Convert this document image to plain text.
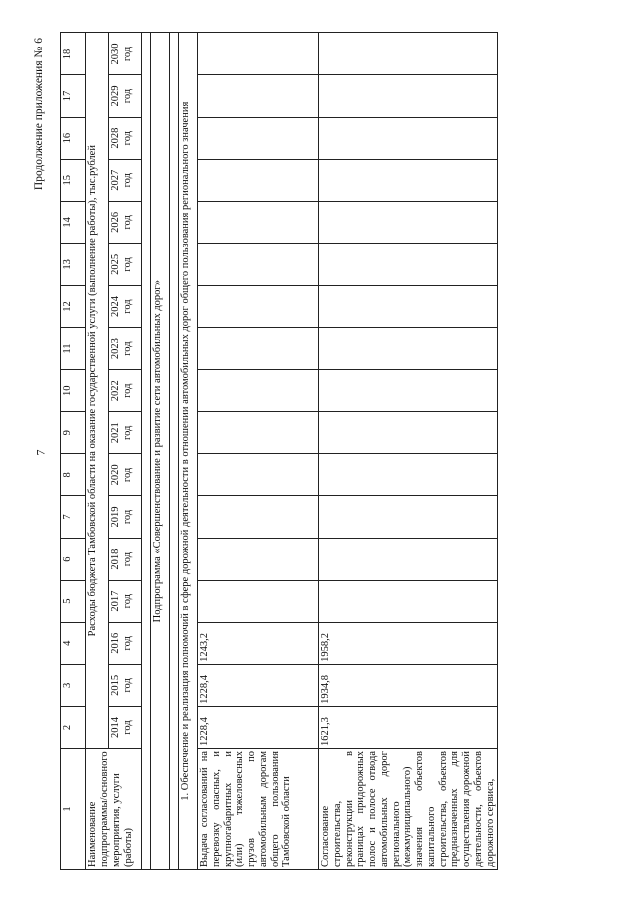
7
Продолжение приложения № 6
1	2	3	4	5	6	7	8	9	10	11	12	13	14	15	16	17	18
Наименование подпрограммы/основного мероприятия, услуги (работы)	Расходы бюджета Тамбовской области на оказание государственной услуги (выполнение работы), тыс.рублей																
	2014 год	2015 год	2016 год	2017 год	2018 год	2019 год	2020 год	2021 год	2022 год	2023 год	2024 год	2025 год	2026 год	2027 год	2028 год	2029 год	2030 год

Подпрограмма «Совершенствование и развитие сети автомобильных дорог»																	

1. Обеспечение и реализация полномочий в сфере дорожной деятельности в отношении автомобильных дорог общего пользования регионального значения																	
Выдача согласований на перевозку опасных, и крупногабаритных и (или) тяжеловесных грузов по автомобильным дорогам общего пользования Тамбовской области	1228,4	1228,4	1243,2														
Согласование строительства, реконструкции в границах придорожных полос и полосе отвода автомобильных дорог регионального (межмуниципального) значения объектов капитального строительства, объектов предназначенных для осуществления дорожной деятельности, объектов дорожного сервиса,	1621,3	1934,8	1958,2														
